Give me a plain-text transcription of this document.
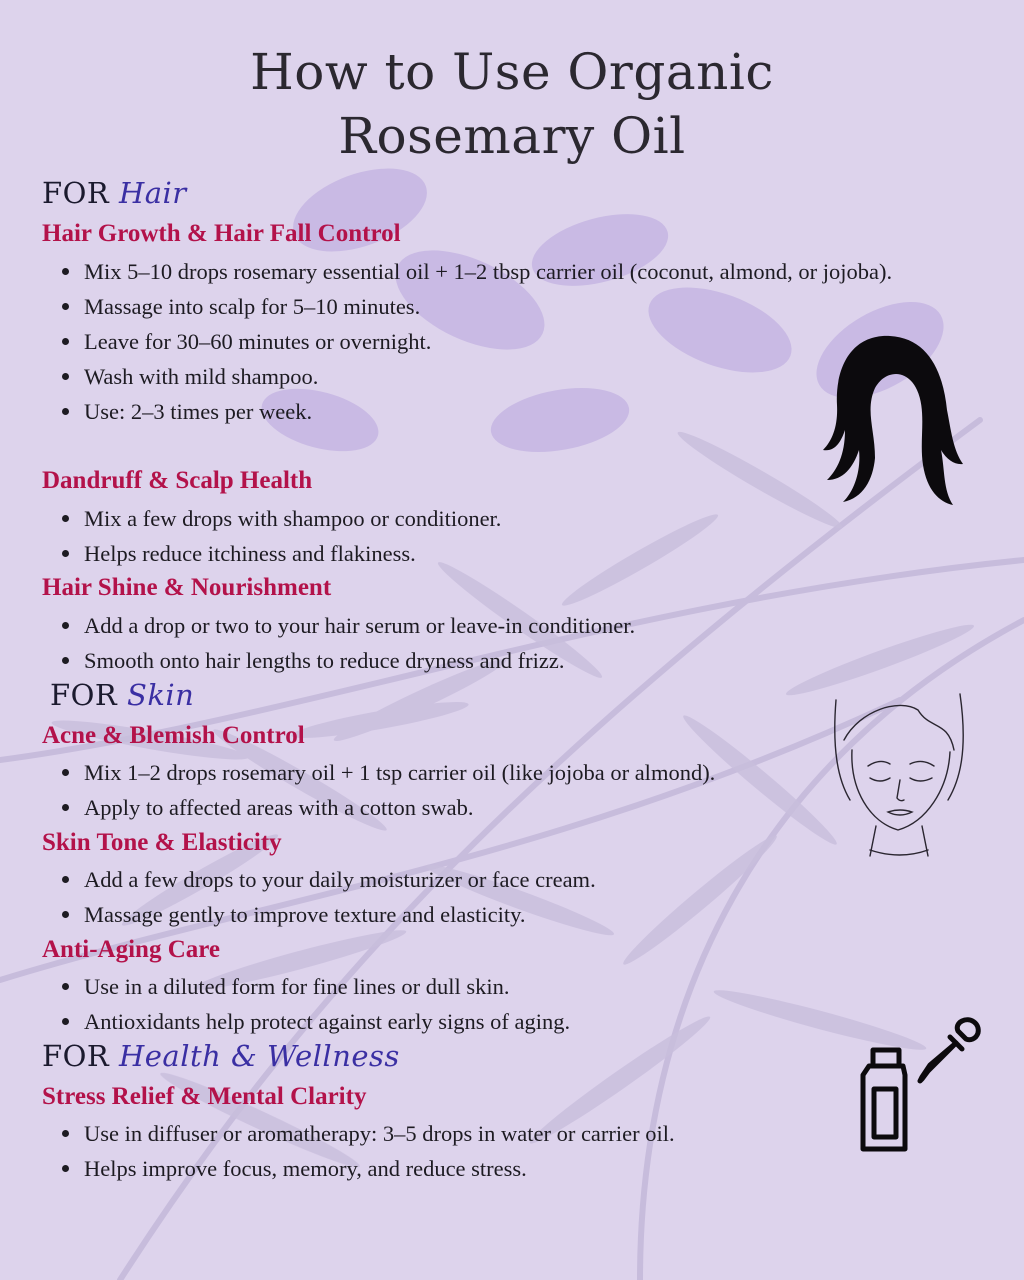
How to Use Organic
Rosemary Oil
FOR Hair
Hair Growth & Hair Fall Control
Mix 5–10 drops rosemary essential oil + 1–2 tbsp carrier oil (coconut, almond, or jojoba).
Massage into scalp for 5–10 minutes.
Leave for 30–60 minutes or overnight.
Wash with mild shampoo.
Use: 2–3 times per week.
Dandruff & Scalp Health
Mix a few drops with shampoo or conditioner.
Helps reduce itchiness and flakiness.
Hair Shine & Nourishment
Add a drop or two to your hair serum or leave-in conditioner.
Smooth onto hair lengths to reduce dryness and frizz.
FOR Skin
Acne & Blemish Control
Mix 1–2 drops rosemary oil + 1 tsp carrier oil (like jojoba or almond).
Apply to affected areas with a cotton swab.
Skin Tone & Elasticity
Add a few drops to your daily moisturizer or face cream.
Massage gently to improve texture and elasticity.
Anti-Aging Care
Use in a diluted form for fine lines or dull skin.
Antioxidants help protect against early signs of aging.
FOR Health & Wellness
Stress Relief & Mental Clarity
Use in diffuser or aromatherapy: 3–5 drops in water or carrier oil.
Helps improve focus, memory, and reduce stress.
